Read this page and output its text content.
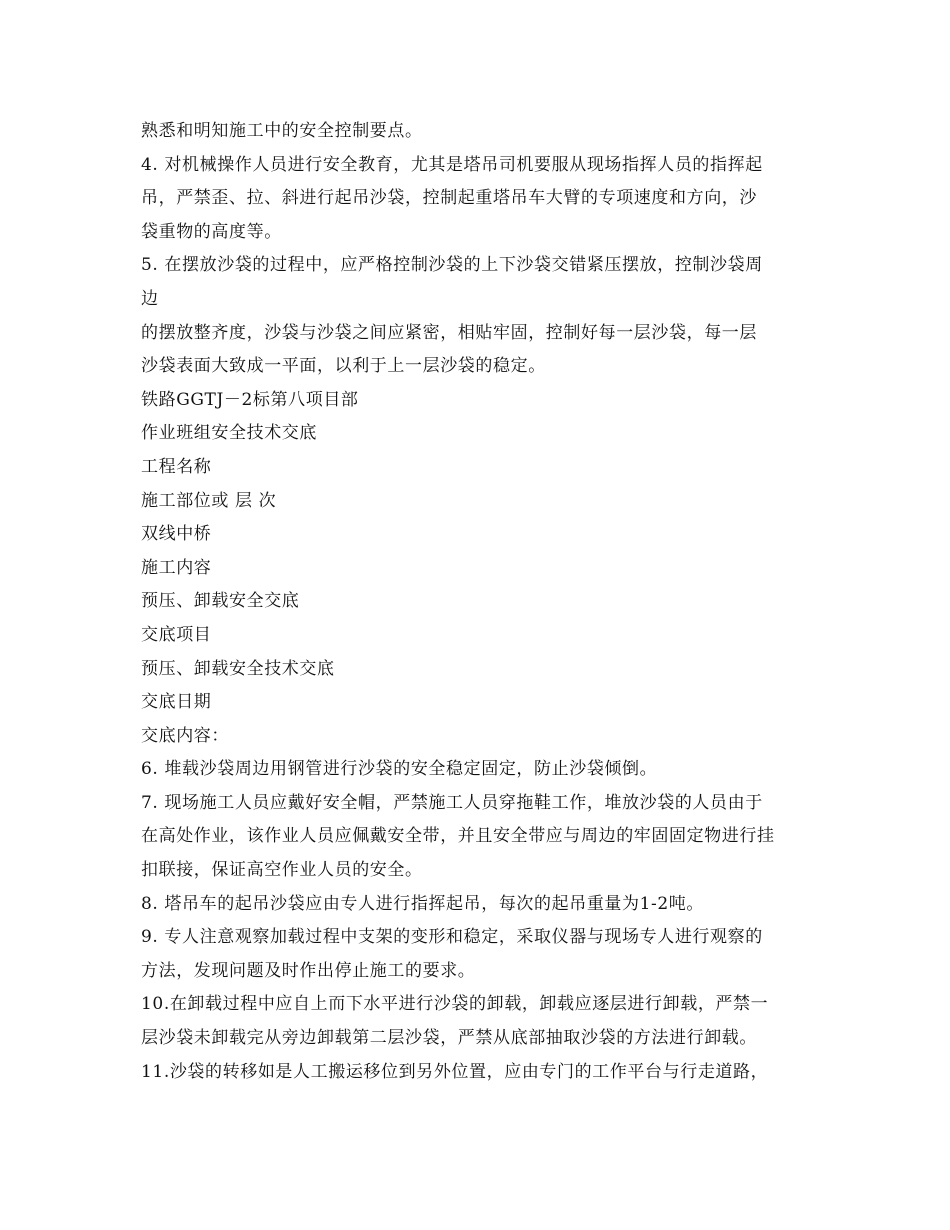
熟悉和明知施工中的安全控制要点。
4. 对机械操作人员进行安全教育，尤其是塔吊司机要服从现场指挥人员的指挥起
吊，严禁歪、拉、斜进行起吊沙袋，控制起重塔吊车大臂的专项速度和方向，沙
袋重物的高度等。
5. 在摆放沙袋的过程中，应严格控制沙袋的上下沙袋交错紧压摆放，控制沙袋周
边
的摆放整齐度，沙袋与沙袋之间应紧密，相贴牢固，控制好每一层沙袋，每一层
沙袋表面大致成一平面，以利于上一层沙袋的稳定。
铁路GGTJ－2标第八项目部
作业班组安全技术交底
工程名称
施工部位或 层 次
双线中桥
施工内容
预压、卸载安全交底
交底项目
预压、卸载安全技术交底
交底日期
交底内容：
6. 堆载沙袋周边用钢管进行沙袋的安全稳定固定，防止沙袋倾倒。
7. 现场施工人员应戴好安全帽，严禁施工人员穿拖鞋工作，堆放沙袋的人员由于
在高处作业，该作业人员应佩戴安全带，并且安全带应与周边的牢固固定物进行挂
扣联接，保证高空作业人员的安全。
8. 塔吊车的起吊沙袋应由专人进行指挥起吊，每次的起吊重量为1-2吨。
9. 专人注意观察加载过程中支架的变形和稳定，采取仪器与现场专人进行观察的
方法，发现问题及时作出停止施工的要求。
10.在卸载过程中应自上而下水平进行沙袋的卸载，卸载应逐层进行卸载，严禁一
层沙袋未卸载完从旁边卸载第二层沙袋，严禁从底部抽取沙袋的方法进行卸载。
11.沙袋的转移如是人工搬运移位到另外位置，应由专门的工作平台与行走道路，
